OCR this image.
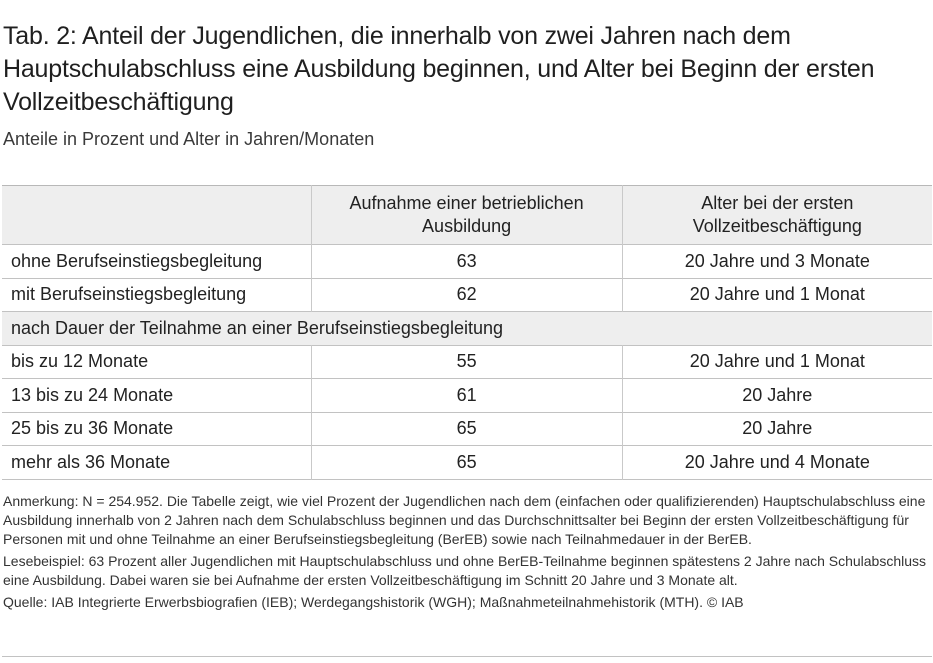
Tab. 2: Anteil der Jugendlichen, die innerhalb von zwei Jahren nach dem Hauptschulabschluss eine Ausbildung beginnen, und Alter bei Beginn der ersten Vollzeitbeschäftigung
Anteile in Prozent und Alter in Jahren/Monaten
	Aufnahme einer betrieblichen Ausbildung	Alter bei der ersten Vollzeitbeschäftigung
ohne Berufseinstiegsbegleitung	63	20 Jahre und 3 Monate
mit Berufseinstiegsbegleitung	62	20 Jahre und 1 Monat
nach Dauer der Teilnahme an einer Berufseinstiegsbegleitung		
bis zu 12 Monate	55	20 Jahre und 1 Monat
13 bis zu 24 Monate	61	20 Jahre
25 bis zu 36 Monate	65	20 Jahre
mehr als 36 Monate	65	20 Jahre und 4 Monate

Anmerkung: N = 254.952. Die Tabelle zeigt, wie viel Prozent der Jugendlichen nach dem (einfachen oder qualifizierenden) Hauptschulabschluss eine Ausbildung innerhalb von 2 Jahren nach dem Schulabschluss beginnen und das Durchschnittsalter bei Beginn der ersten Vollzeitbeschäftigung für Personen mit und ohne Teilnahme an einer Berufseinstiegsbegleitung (BerEB) sowie nach Teilnahmedauer in der BerEB.

Lesebeispiel: 63 Prozent aller Jugendlichen mit Hauptschulabschluss und ohne BerEB-Teilnahme beginnen spätestens 2 Jahre nach Schulabschluss eine Ausbildung. Dabei waren sie bei Aufnahme der ersten Vollzeitbeschäftigung im Schnitt 20 Jahre und 3 Monate alt.

Quelle: IAB Integrierte Erwerbsbiografien (IEB); Werdegangshistorik (WGH); Maßnahmeteilnahmehistorik (MTH). © IAB
